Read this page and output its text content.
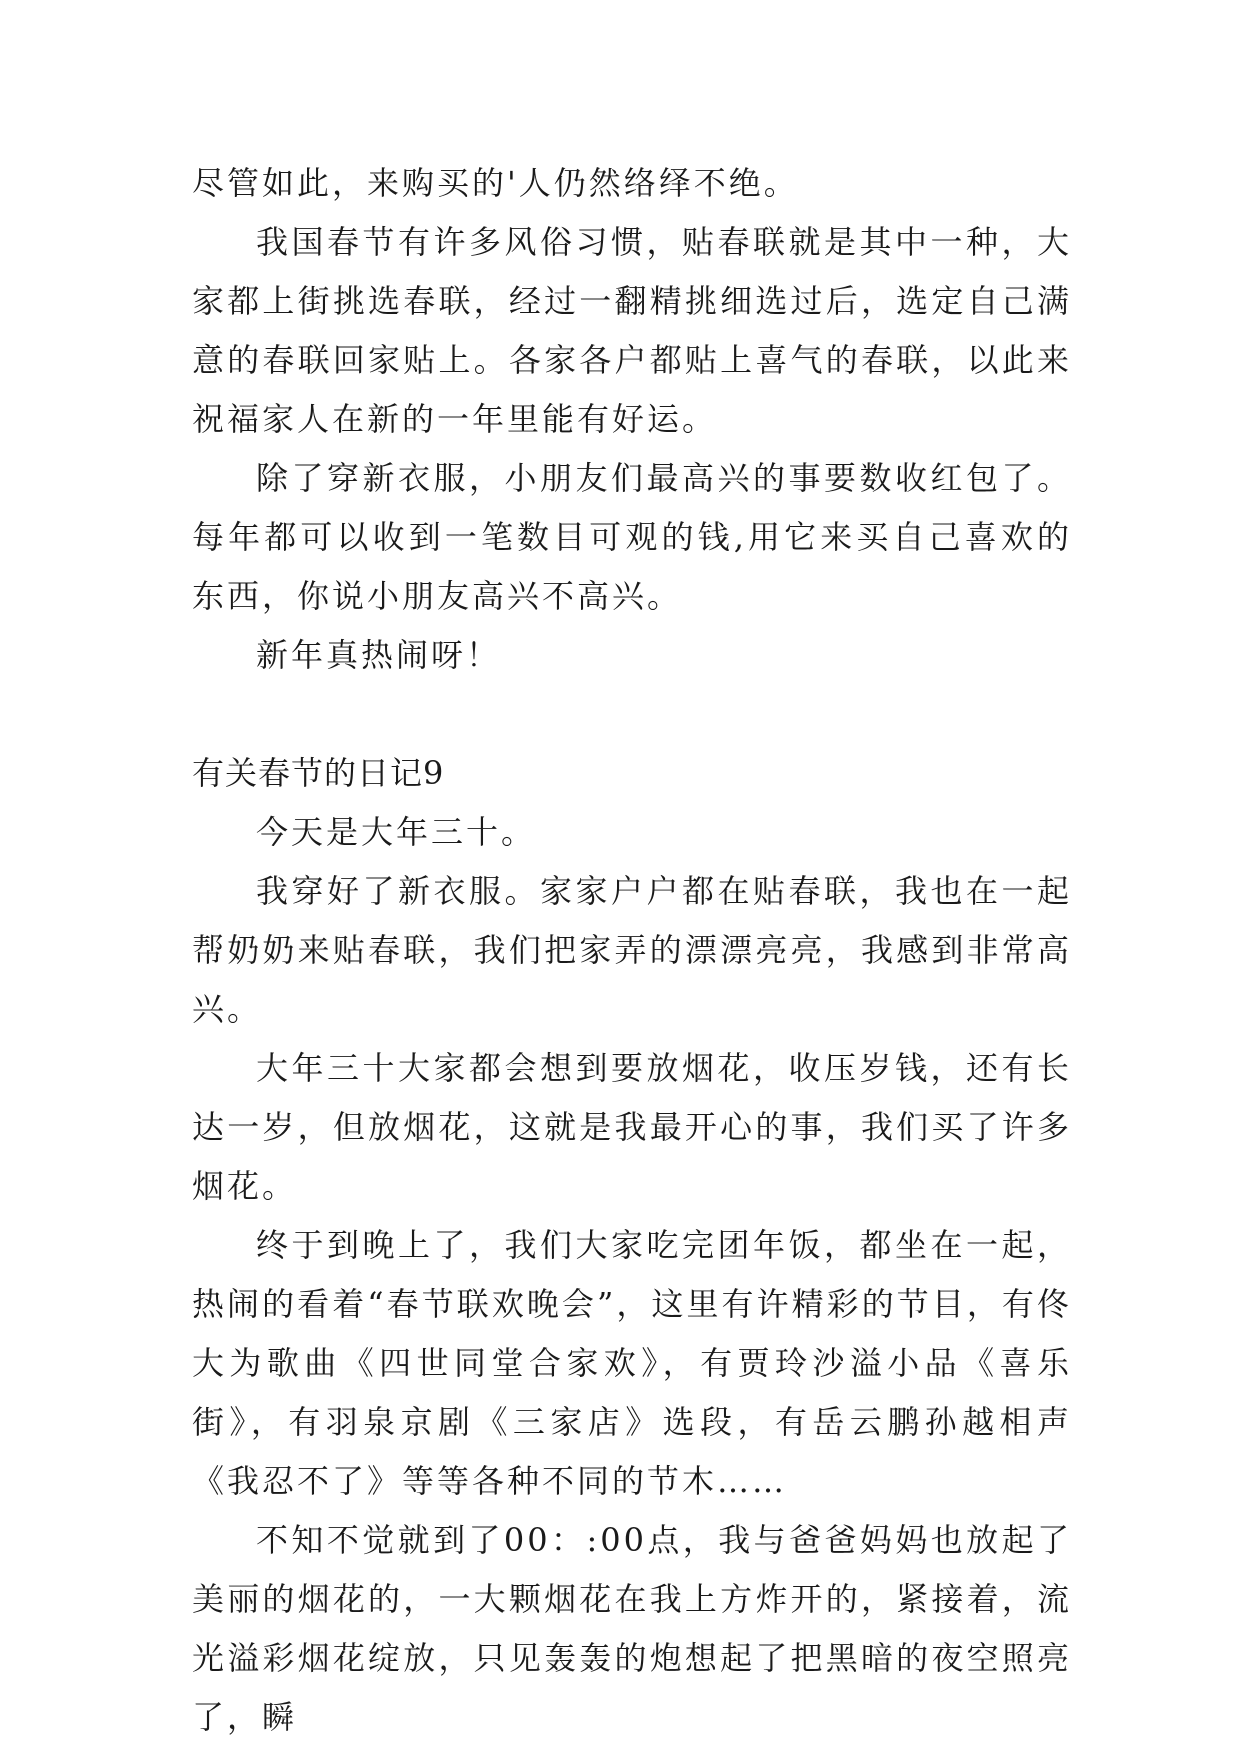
尽管如此，来购买的'人仍然络绎不绝。

我国春节有许多风俗习惯，贴春联就是其中一种，大家都上街挑选春联，经过一翻精挑细选过后，选定自己满意的春联回家贴上。各家各户都贴上喜气的春联，以此来祝福家人在新的一年里能有好运。

除了穿新衣服，小朋友们最高兴的事要数收红包了。每年都可以收到一笔数目可观的钱,用它来买自己喜欢的东西，你说小朋友高兴不高兴。

新年真热闹呀！

有关春节的日记9

今天是大年三十。

我穿好了新衣服。家家户户都在贴春联，我也在一起帮奶奶来贴春联，我们把家弄的漂漂亮亮，我感到非常高兴。

大年三十大家都会想到要放烟花，收压岁钱，还有长达一岁，但放烟花，这就是我最开心的事，我们买了许多烟花。

终于到晚上了，我们大家吃完团年饭，都坐在一起，热闹的看着“春节联欢晚会”，这里有许精彩的节目，有佟大为歌曲《四世同堂合家欢》，有贾玲沙溢小品《喜乐街》，有羽泉京剧《三家店》选段，有岳云鹏孙越相声《我忍不了》等等各种不同的节木……

不知不觉就到了00：:00点，我与爸爸妈妈也放起了美丽的烟花的，一大颗烟花在我上方炸开的，紧接着，流光溢彩烟花绽放，只见轰轰的炮想起了把黑暗的夜空照亮了，瞬
